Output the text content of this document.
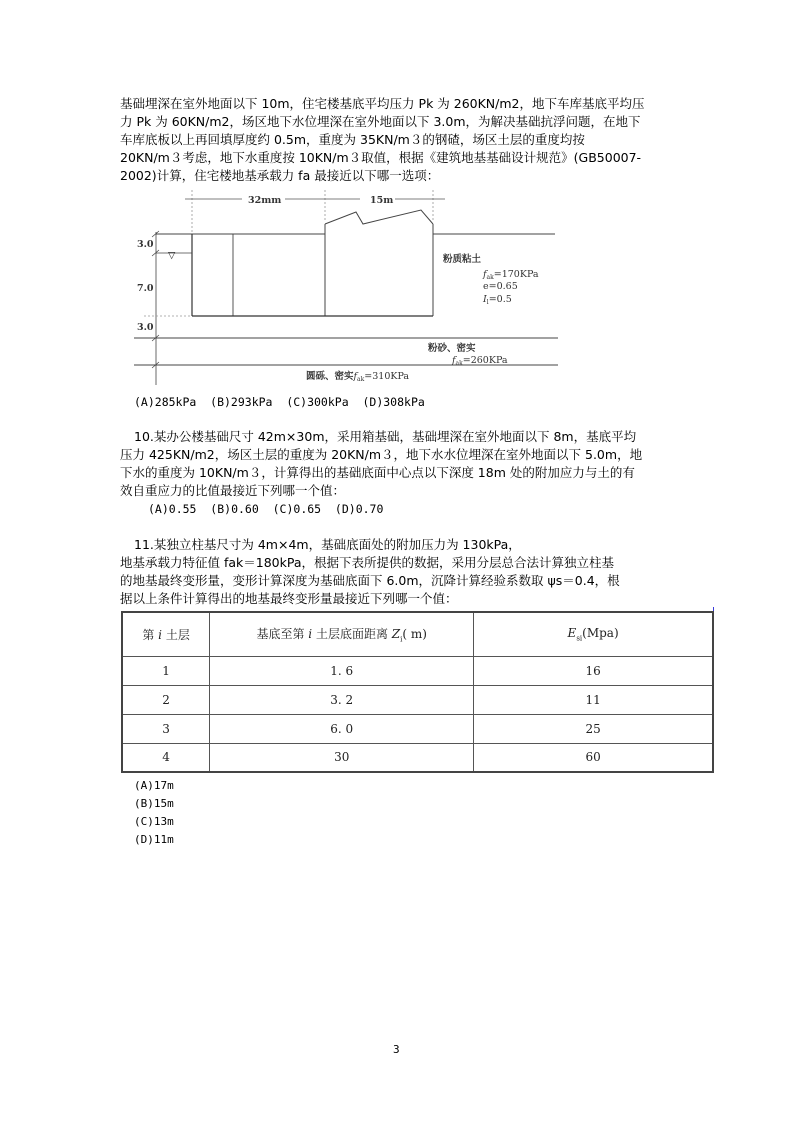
基础埋深在室外地面以下 10m，住宅楼基底平均压力 Pk 为 260KN/m2，地下车库基底平均压
力 Pk 为 60KN/m2，场区地下水位埋深在室外地面以下 3.0m，为解决基础抗浮问题，在地下
车库底板以上再回填厚度约 0.5m，重度为 35KN/m３的钢碴，场区土层的重度均按
20KN/m３考虑，地下水重度按 10KN/m３取值，根据《建筑地基基础设计规范》(GB50007-
2002)计算，住宅楼地基承载力 fa 最接近以下哪一选项：
32mm	15m
▽
3.0
7.0
3.0
粉质粘土
$f_{ak}=170KPa$
e=0.65
$I_l=0.5$
粉砂、密实
$f_{ak}=260KPa$
圆砾、密实$f_{ak}=310KPa$
(A)285kPa  (B)293kPa  (C)300kPa  (D)308kPa
10.某办公楼基础尺寸 42m×30m，采用箱基础，基础埋深在室外地面以下 8m，基底平均
压力 425KN/m2，场区土层的重度为 20KN/m３，地下水水位埋深在室外地面以下 5.0m，地
下水的重度为 10KN/m３，计算得出的基础底面中心点以下深度 18m 处的附加应力与土的有
效自重应力的比值最接近下列哪一个值：
(A)0.55  (B)0.60  (C)0.65  (D)0.70
11.某独立柱基尺寸为 4m×4m，基础底面处的附加压力为 130kPa，
地基承载力特征值 fak＝180kPa，根据下表所提供的数据，采用分层总合法计算独立柱基
的地基最终变形量，变形计算深度为基础底面下 6.0m，沉降计算经验系数取 ψs＝0.4，根
据以上条件计算得出的地基最终变形量最接近下列哪一个值：
第 i 土层	基底至第 i 土层底面距离 $Z_i$( m)	$E_{si}(Mpa)$
1	1. 6	16
2	3. 2	11
3	6. 0	25
4	30	60
(A)17m
(B)15m
(C)13m
(D)11m
3
